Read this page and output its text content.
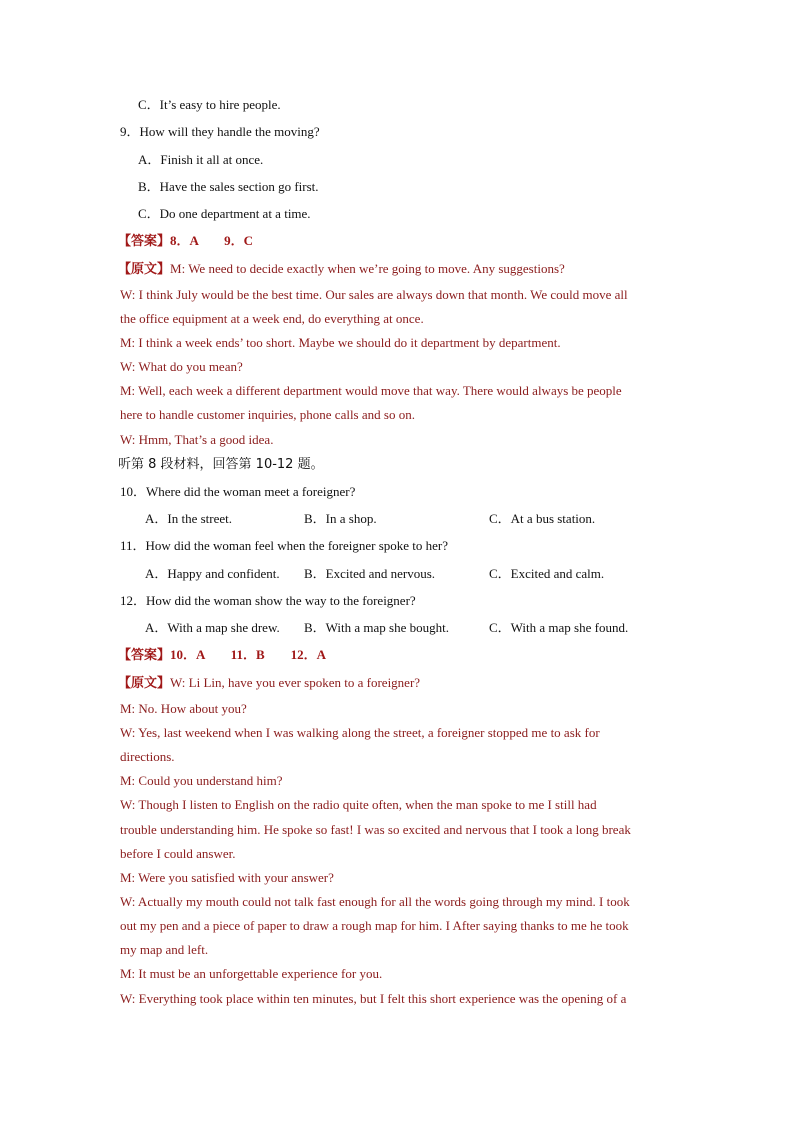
C．It’s easy to hire people.
9．How will they handle the moving?
A．Finish it all at once.
B．Have the sales section go first.
C．Do one department at a time.
【答案】8．A　　9．C
【原文】M: We need to decide exactly when we’re going to move. Any suggestions?
W: I think July would be the best time. Our sales are always down that month. We could move all
the office equipment at a week end, do everything at once.
M: I think a week ends’ too short. Maybe we should do it department by department.
W: What do you mean?
M: Well, each week a different department would move that way. There would always be people
here to handle customer inquiries, phone calls and so on.
W: Hmm, That’s a good idea.
听第 8 段材料，回答第 10-12 题。
10．Where did the woman meet a foreigner?
A．In the street.	B．In a shop.	C．At a bus station.
11．How did the woman feel when the foreigner spoke to her?
A．Happy and confident. B．Excited and nervous.	C．Excited and calm.
12．How did the woman show the way to the foreigner?
A．With a map she drew. B．With a map she bought.	C．With a map she found.
【答案】10．A　　11．B　　12．A
【原文】W: Li Lin, have you ever spoken to a foreigner?
M: No. How about you?
W: Yes, last weekend when I was walking along the street, a foreigner stopped me to ask for
directions.
M: Could you understand him?
W: Though I listen to English on the radio quite often, when the man spoke to me I still had
trouble understanding him. He spoke so fast! I was so excited and nervous that I took a long break
before I could answer.
M: Were you satisfied with your answer?
W: Actually my mouth could not talk fast enough for all the words going through my mind. I took
out my pen and a piece of paper to draw a rough map for him. I After saying thanks to me he took
my map and left.
M: It must be an unforgettable experience for you.
W: Everything took place within ten minutes, but I felt this short experience was the opening of a
